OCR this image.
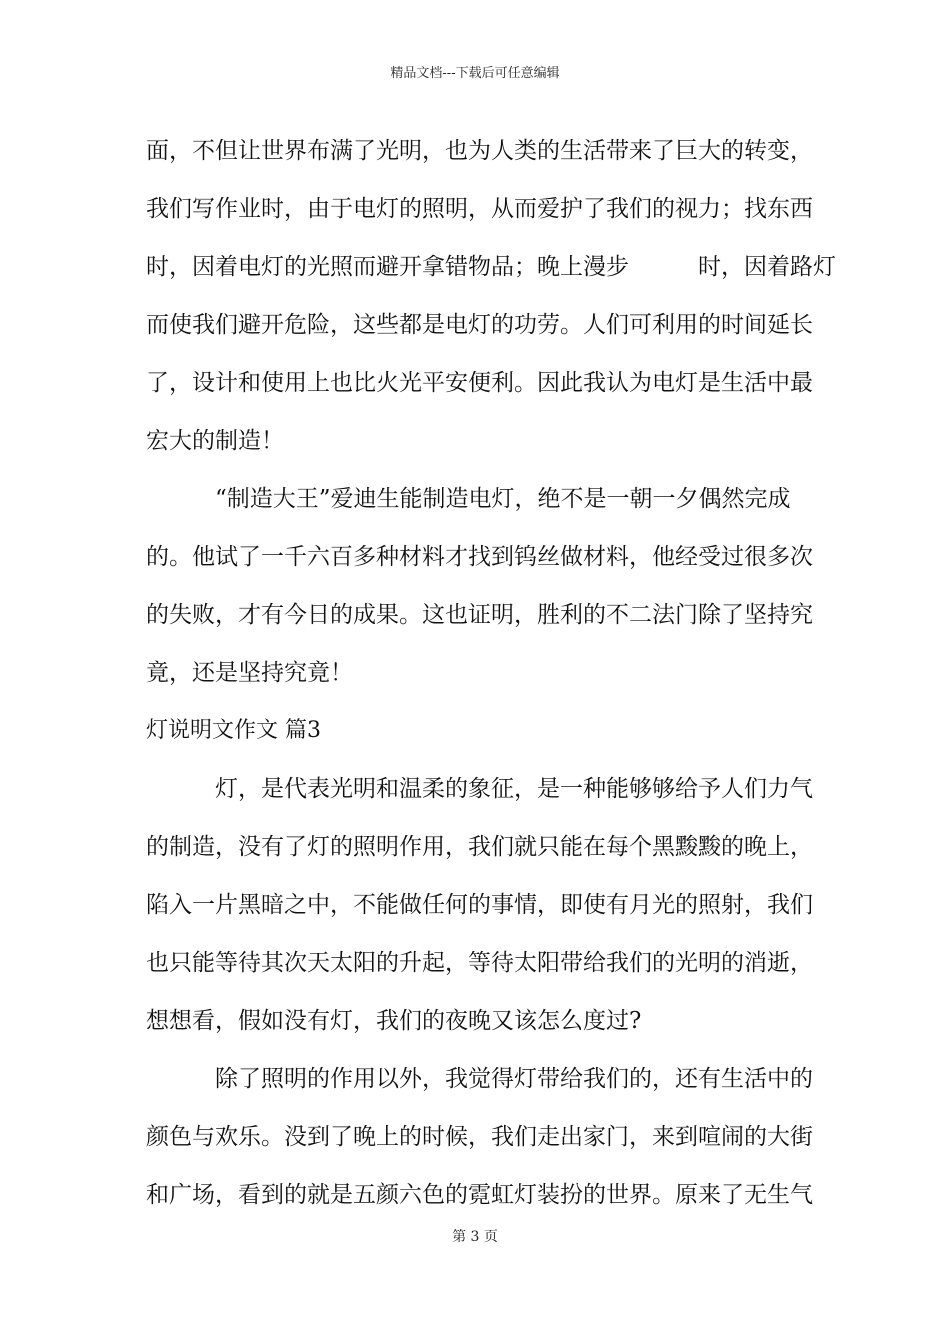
精品文档---下载后可任意编辑
面，不但让世界布满了光明，也为人类的生活带来了巨大的转变，
我们写作业时，由于电灯的照明，从而爱护了我们的视力；找东西
时，因着电灯的光照而避开拿错物品；晚上漫步　　　时，因着路灯
而使我们避开危险，这些都是电灯的功劳。人们可利用的时间延长
了，设计和使用上也比火光平安便利。因此我认为电灯是生活中最
宏大的制造！
“制造大王”爱迪生能制造电灯，绝不是一朝一夕偶然完成
的。他试了一千六百多种材料才找到钨丝做材料，他经受过很多次
的失败，才有今日的成果。这也证明，胜利的不二法门除了坚持究
竟，还是坚持究竟！
灯说明文作文 篇3
灯，是代表光明和温柔的象征，是一种能够够给予人们力气
的制造，没有了灯的照明作用，我们就只能在每个黑黢黢的晚上，
陷入一片黑暗之中，不能做任何的事情，即使有月光的照射，我们
也只能等待其次天太阳的升起，等待太阳带给我们的光明的消逝，
想想看，假如没有灯，我们的夜晚又该怎么度过?
除了照明的作用以外，我觉得灯带给我们的，还有生活中的
颜色与欢乐。没到了晚上的时候，我们走出家门，来到喧闹的大街
和广场，看到的就是五颜六色的霓虹灯装扮的世界。原来了无生气
第 3 页
